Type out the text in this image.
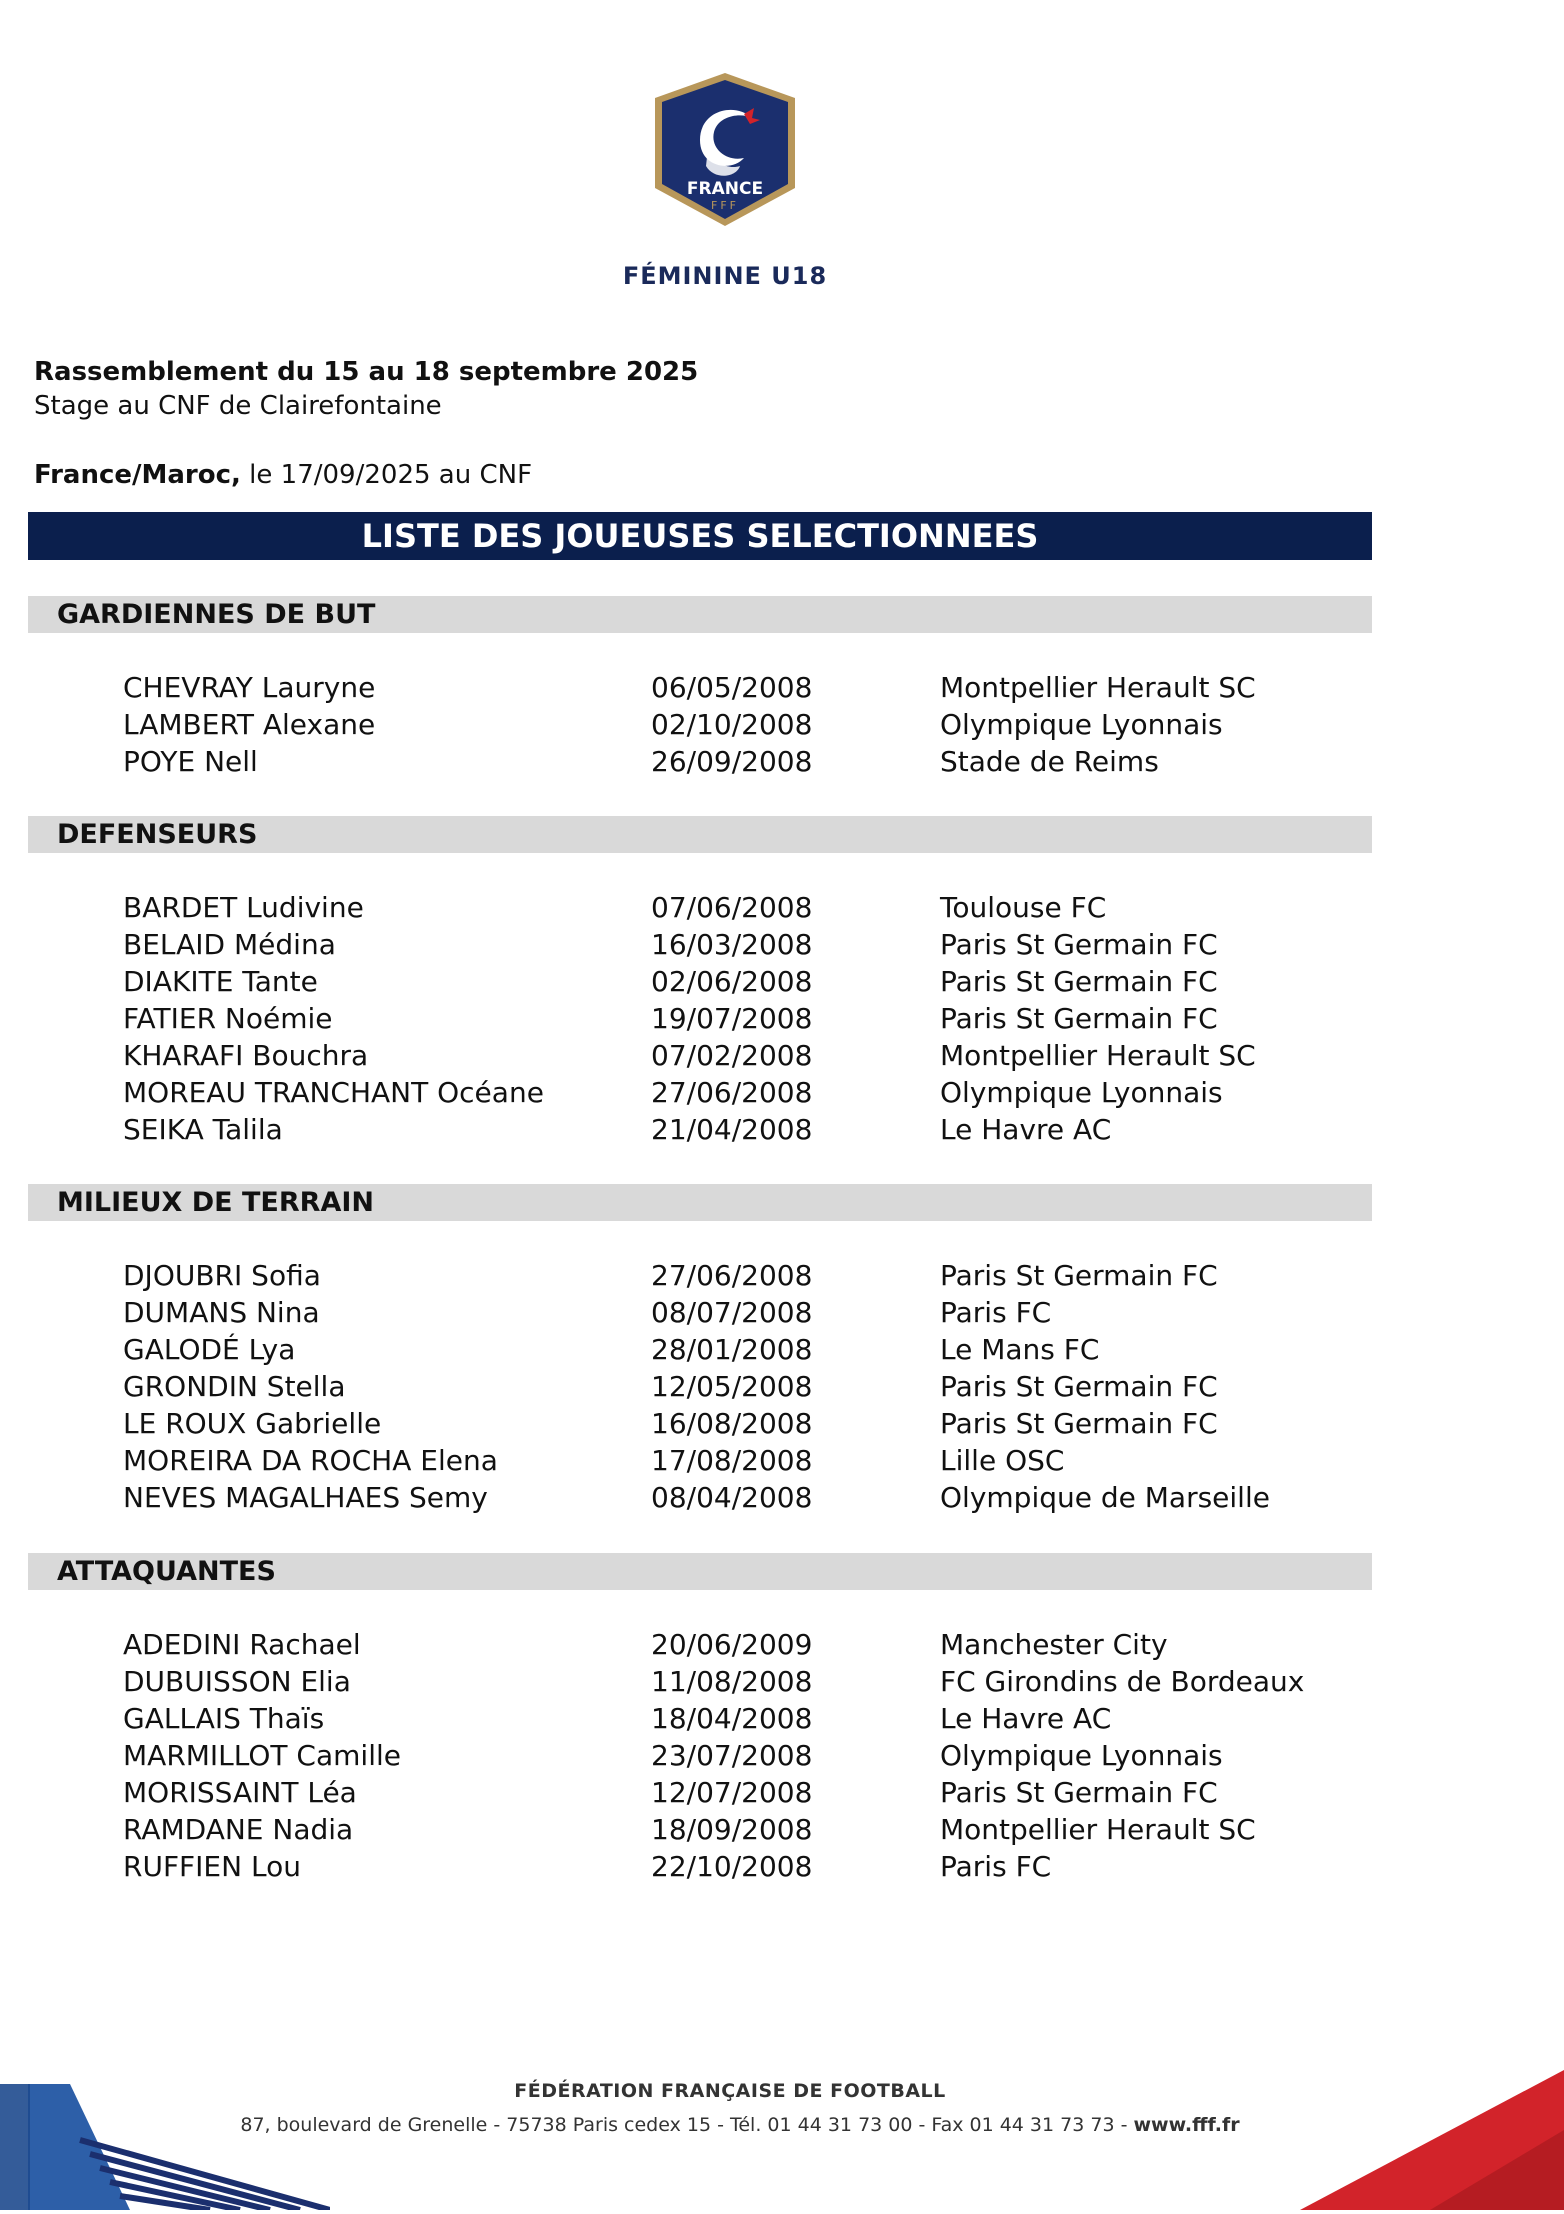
FRANCE
FFF
FÉMININE U18
Rassemblement du 15 au 18 septembre 2025
Stage au CNF de Clairefontaine
France/Maroc, le 17/09/2025 au CNF
LISTE DES JOUEUSES SELECTIONNEES
GARDIENNES DE BUT
CHEVRAY Lauryne	06/05/2008	Montpellier Herault SC
LAMBERT Alexane	02/10/2008	Olympique Lyonnais
POYE Nell	26/09/2008	Stade de Reims
DEFENSEURS
BARDET Ludivine	07/06/2008	Toulouse FC
BELAID Médina	16/03/2008	Paris St Germain FC
DIAKITE Tante	02/06/2008	Paris St Germain FC
FATIER Noémie	19/07/2008	Paris St Germain FC
KHARAFI Bouchra	07/02/2008	Montpellier Herault SC
MOREAU TRANCHANT Océane	27/06/2008	Olympique Lyonnais
SEIKA Talila	21/04/2008	Le Havre AC
MILIEUX DE TERRAIN
DJOUBRI Sofia	27/06/2008	Paris St Germain FC
DUMANS Nina	08/07/2008	Paris FC
GALODÉ Lya	28/01/2008	Le Mans FC
GRONDIN Stella	12/05/2008	Paris St Germain FC
LE ROUX Gabrielle	16/08/2008	Paris St Germain FC
MOREIRA DA ROCHA Elena	17/08/2008	Lille OSC
NEVES MAGALHAES Semy	08/04/2008	Olympique de Marseille
ATTAQUANTES
ADEDINI Rachael	20/06/2009	Manchester City
DUBUISSON Elia	11/08/2008	FC Girondins de Bordeaux
GALLAIS Thaïs	18/04/2008	Le Havre AC
MARMILLOT Camille	23/07/2008	Olympique Lyonnais
MORISSAINT Léa	12/07/2008	Paris St Germain FC
RAMDANE Nadia	18/09/2008	Montpellier Herault SC
RUFFIEN Lou	22/10/2008	Paris FC
FÉDÉRATION FRANÇAISE DE FOOTBALL
87, boulevard de Grenelle - 75738 Paris cedex 15 - Tél. 01 44 31 73 00 - Fax 01 44 31 73 73 - www.fff.fr
